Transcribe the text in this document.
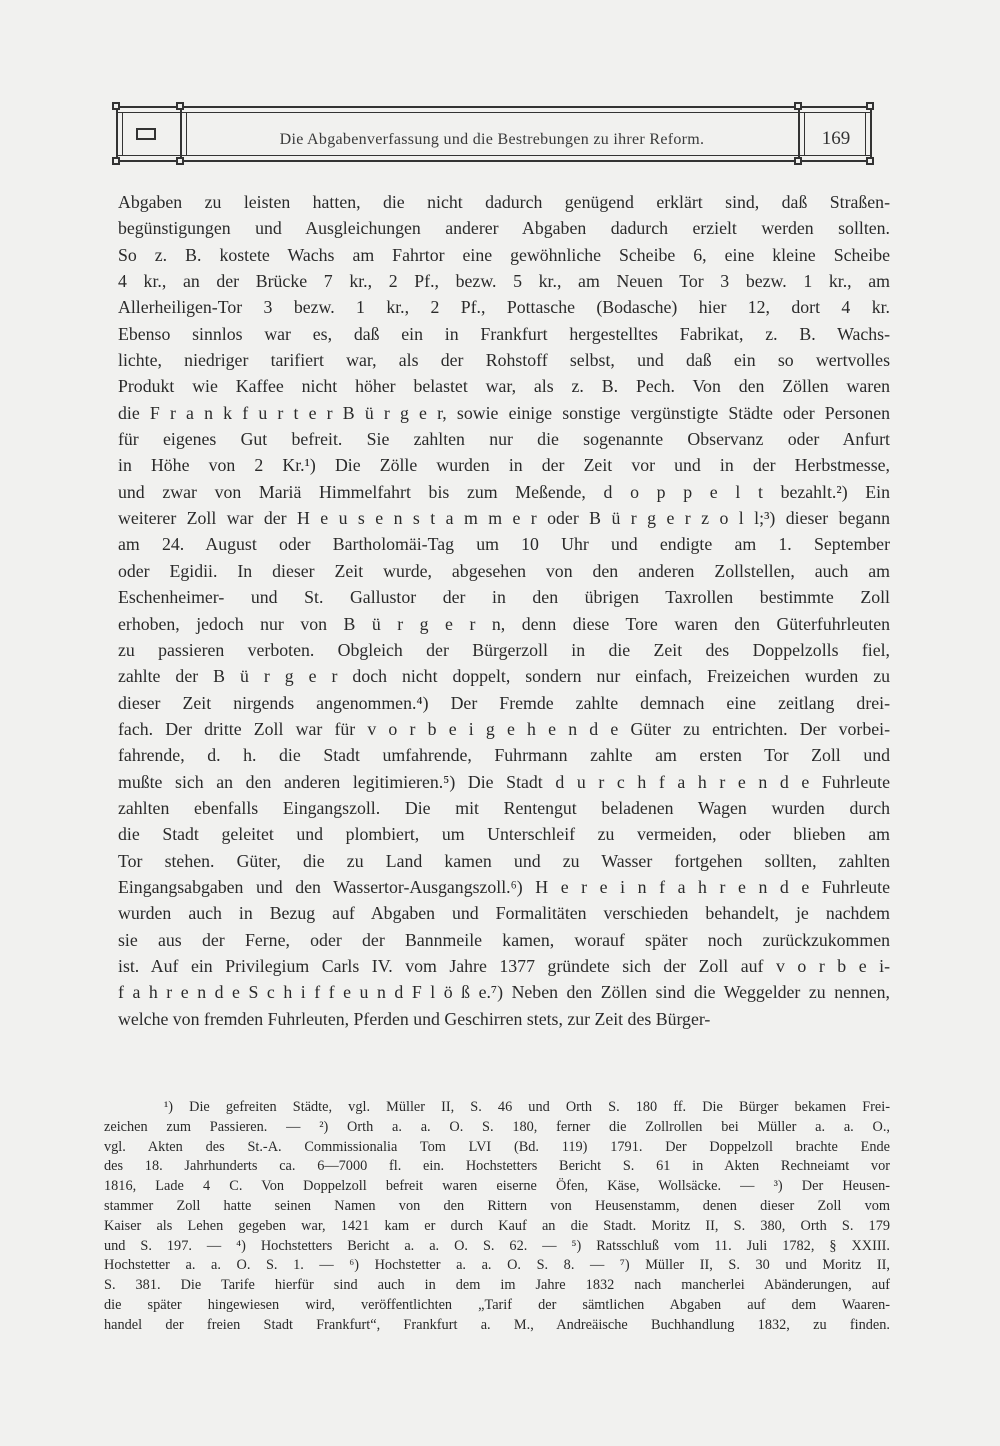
Die Abgabenverfassung und die Bestrebungen zu ihrer Reform.	169
Abgaben zu leisten hatten, die nicht dadurch genügend erklärt sind, daß Straßen-
begünstigungen und Ausgleichungen anderer Abgaben dadurch erzielt werden sollten.
So z. B. kostete Wachs am Fahrtor eine gewöhnliche Scheibe 6, eine kleine Scheibe
4 kr., an der Brücke 7 kr., 2 Pf., bezw. 5 kr., am Neuen Tor 3 bezw. 1 kr., am
Allerheiligen-Tor 3 bezw. 1 kr., 2 Pf., Pottasche (Bodasche) hier 12, dort 4 kr.
Ebenso sinnlos war es, daß ein in Frankfurt hergestelltes Fabrikat, z. B. Wachs-
lichte, niedriger tarifiert war, als der Rohstoff selbst, und daß ein so wertvolles
Produkt wie Kaffee nicht höher belastet war, als z. B. Pech. Von den Zöllen waren
die F r a n k f u r t e r B ü r g e r, sowie einige sonstige vergünstigte Städte oder Personen
für eigenes Gut befreit. Sie zahlten nur die sogenannte Observanz oder Anfurt
in Höhe von 2 Kr.¹) Die Zölle wurden in der Zeit vor und in der Herbstmesse,
und zwar von Mariä Himmelfahrt bis zum Meßende, d o p p e l t bezahlt.²) Ein
weiterer Zoll war der H e u s e n s t a m m e r oder B ü r g e r z o l l;³) dieser begann
am 24. August oder Bartholomäi-Tag um 10 Uhr und endigte am 1. September
oder Egidii. In dieser Zeit wurde, abgesehen von den anderen Zollstellen, auch am
Eschenheimer- und St. Gallustor der in den übrigen Taxrollen bestimmte Zoll
erhoben, jedoch nur von B ü r g e r n, denn diese Tore waren den Güterfuhrleuten
zu passieren verboten. Obgleich der Bürgerzoll in die Zeit des Doppelzolls fiel,
zahlte der B ü r g e r doch nicht doppelt, sondern nur einfach, Freizeichen wurden zu
dieser Zeit nirgends angenommen.⁴) Der Fremde zahlte demnach eine zeitlang drei-
fach. Der dritte Zoll war für v o r b e i g e h e n d e Güter zu entrichten. Der vorbei-
fahrende, d. h. die Stadt umfahrende, Fuhrmann zahlte am ersten Tor Zoll und
mußte sich an den anderen legitimieren.⁵) Die Stadt d u r c h f a h r e n d e Fuhrleute
zahlten ebenfalls Eingangszoll. Die mit Rentengut beladenen Wagen wurden durch
die Stadt geleitet und plombiert, um Unterschleif zu vermeiden, oder blieben am
Tor stehen. Güter, die zu Land kamen und zu Wasser fortgehen sollten, zahlten
Eingangsabgaben und den Wassertor-Ausgangszoll.⁶) H e r e i n f a h r e n d e Fuhrleute
wurden auch in Bezug auf Abgaben und Formalitäten verschieden behandelt, je nachdem
sie aus der Ferne, oder der Bannmeile kamen, worauf später noch zurückzukommen
ist. Auf ein Privilegium Carls IV. vom Jahre 1377 gründete sich der Zoll auf v o r b e i-
f a h r e n d e S c h i f f e u n d F l ö ß e.⁷) Neben den Zöllen sind die Weggelder zu nennen,
welche von fremden Fuhrleuten, Pferden und Geschirren stets, zur Zeit des Bürger-
¹) Die gefreiten Städte, vgl. Müller II, S. 46 und Orth S. 180 ff. Die Bürger bekamen Frei-
zeichen zum Passieren. — ²) Orth a. a. O. S. 180, ferner die Zollrollen bei Müller a. a. O.,
vgl. Akten des St.-A. Commissionalia Tom LVI (Bd. 119) 1791. Der Doppelzoll brachte Ende
des 18. Jahrhunderts ca. 6—7000 fl. ein. Hochstetters Bericht S. 61 in Akten Rechneiamt vor
1816, Lade 4 C. Von Doppelzoll befreit waren eiserne Öfen, Käse, Wollsäcke. — ³) Der Heusen-
stammer Zoll hatte seinen Namen von den Rittern von Heusenstamm, denen dieser Zoll vom
Kaiser als Lehen gegeben war, 1421 kam er durch Kauf an die Stadt. Moritz II, S. 380, Orth S. 179
und S. 197. — ⁴) Hochstetters Bericht a. a. O. S. 62. — ⁵) Ratsschluß vom 11. Juli 1782, § XXIII.
Hochstetter a. a. O. S. 1. — ⁶) Hochstetter a. a. O. S. 8. — ⁷) Müller II, S. 30 und Moritz II,
S. 381. Die Tarife hierfür sind auch in dem im Jahre 1832 nach mancherlei Abänderungen, auf
die später hingewiesen wird, veröffentlichten „Tarif der sämtlichen Abgaben auf dem Waaren-
handel der freien Stadt Frankfurt“, Frankfurt a. M., Andreäische Buchhandlung 1832, zu finden.
